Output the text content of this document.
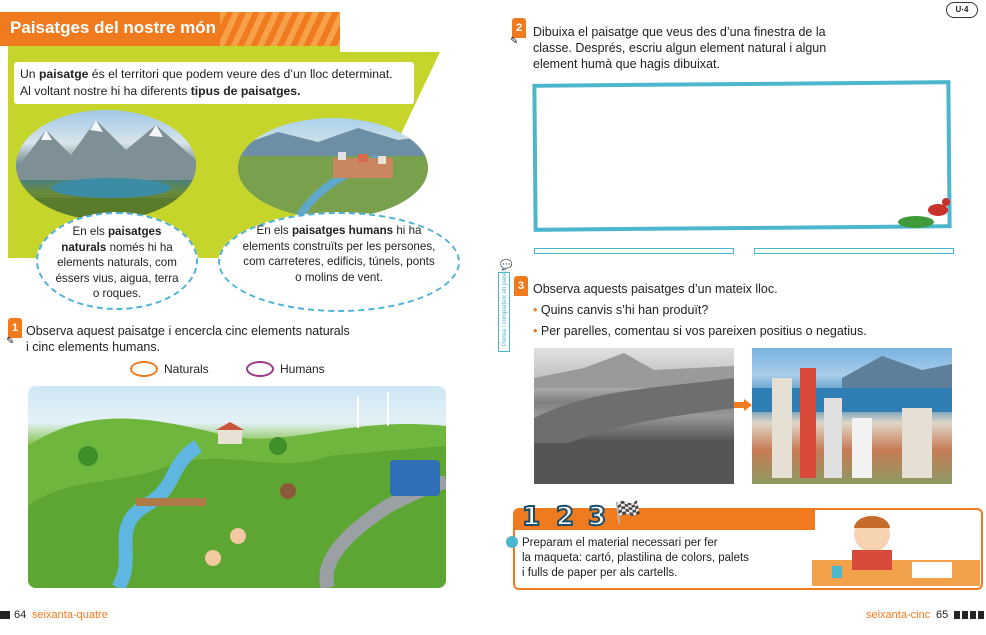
Paisatges del nostre món
Un paisatge és el territori que podem veure des d’un lloc determinat.
Al voltant nostre hi ha diferents tipus de paisatges.
En els paisatges naturals només hi ha elements naturals, com éssers vius, aigua, terra o roques.
En els paisatges humans hi ha elements construïts per les persones, com carreteres, edificis, túnels, ponts o molins de vent.
1
✎
Observa aquest paisatge i encercla cinc elements naturals
i cinc elements humans.
Naturals	Humans
64 seixanta-quatre
U·4
2
✎
Dibuixa el paisatge que veus des d’una finestra de la
classe. Després, escriu algun element natural i algun
element humà que hagis dibuixat.
Pensa i comparteix en parella 3
💬
Observa aquests paisatges d’un mateix lloc.
• Quins canvis s’hi han produït?
• Per parelles, comentau si vos pareixen positius o negatius.
1 2 3 🏁
Preparam el material necessari per fer
la maqueta: cartó, plastilina de colors, palets
i fulls de paper per als cartells.
seixanta-cinc 65
